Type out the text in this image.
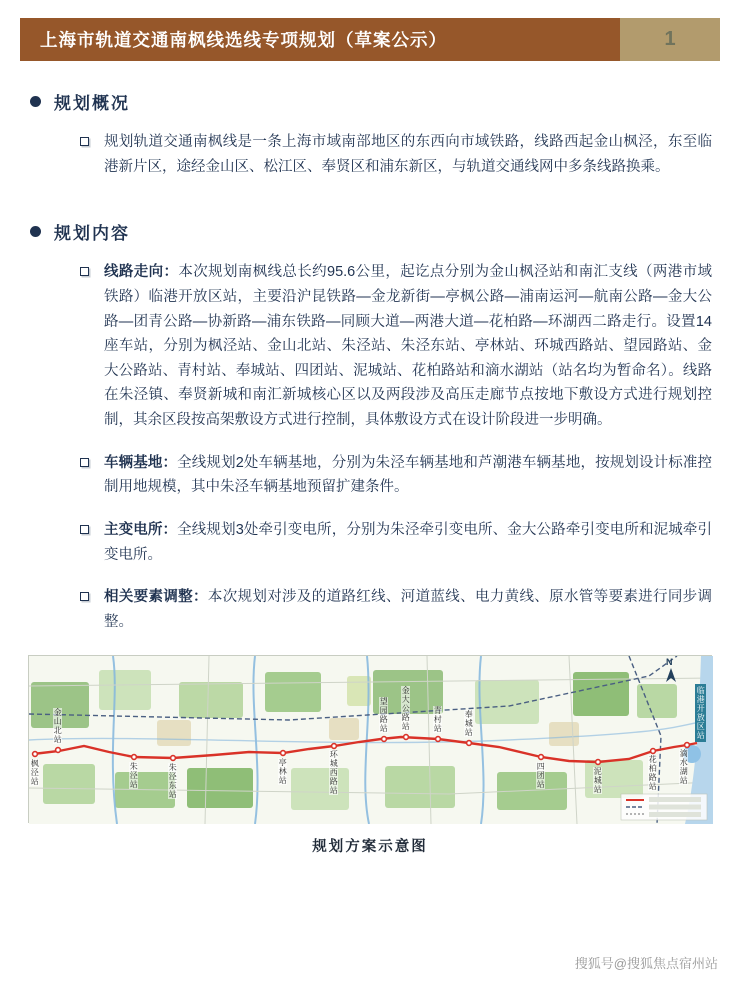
上海市轨道交通南枫线选线专项规划（草案公示）	1
规划概况

规划轨道交通南枫线是一条上海市域南部地区的东西向市域铁路，线路西起金山枫泾，东至临港新片区，途经金山区、松江区、奉贤区和浦东新区，与轨道交通线网中多条线路换乘。

规划内容

线路走向：本次规划南枫线总长约95.6公里，起讫点分别为金山枫泾站和南汇支线（两港市域铁路）临港开放区站，主要沿沪昆铁路—金龙新街—亭枫公路—浦南运河—航南公路—金大公路—团青公路—协新路—浦东铁路—同顾大道—两港大道—花柏路—环湖西二路走行。设置14座车站，分别为枫泾站、金山北站、朱泾站、朱泾东站、亭林站、环城西路站、望园路站、金大公路站、青村站、奉城站、四团站、泥城站、花柏路站和滴水湖站（站名均为暂命名）。线路在朱泾镇、奉贤新城和南汇新城核心区以及两段涉及高压走廊节点按地下敷设方式进行规划控制，其余区段按高架敷设方式进行控制，具体敷设方式在设计阶段进一步明确。

车辆基地：全线规划2处车辆基地，分别为朱泾车辆基地和芦潮港车辆基地，按规划设计标准控制用地规模，其中朱泾车辆基地预留扩建条件。

主变电所：全线规划3处牵引变电所，分别为朱泾牵引变电所、金大公路牵引变电所和泥城牵引变电所。

相关要素调整：本次规划对涉及的道路红线、河道蓝线、电力黄线、原水管等要素进行同步调整。

N
枫泾站
金山北站
朱泾站	朱泾东站	亭林站	环城西路站
望园路站 金大公路站	青村站	奉城站
四团站	泥城站	花柏路站	滴水湖站
临港开放区站
规划方案示意图
搜狐号@搜狐焦点宿州站
